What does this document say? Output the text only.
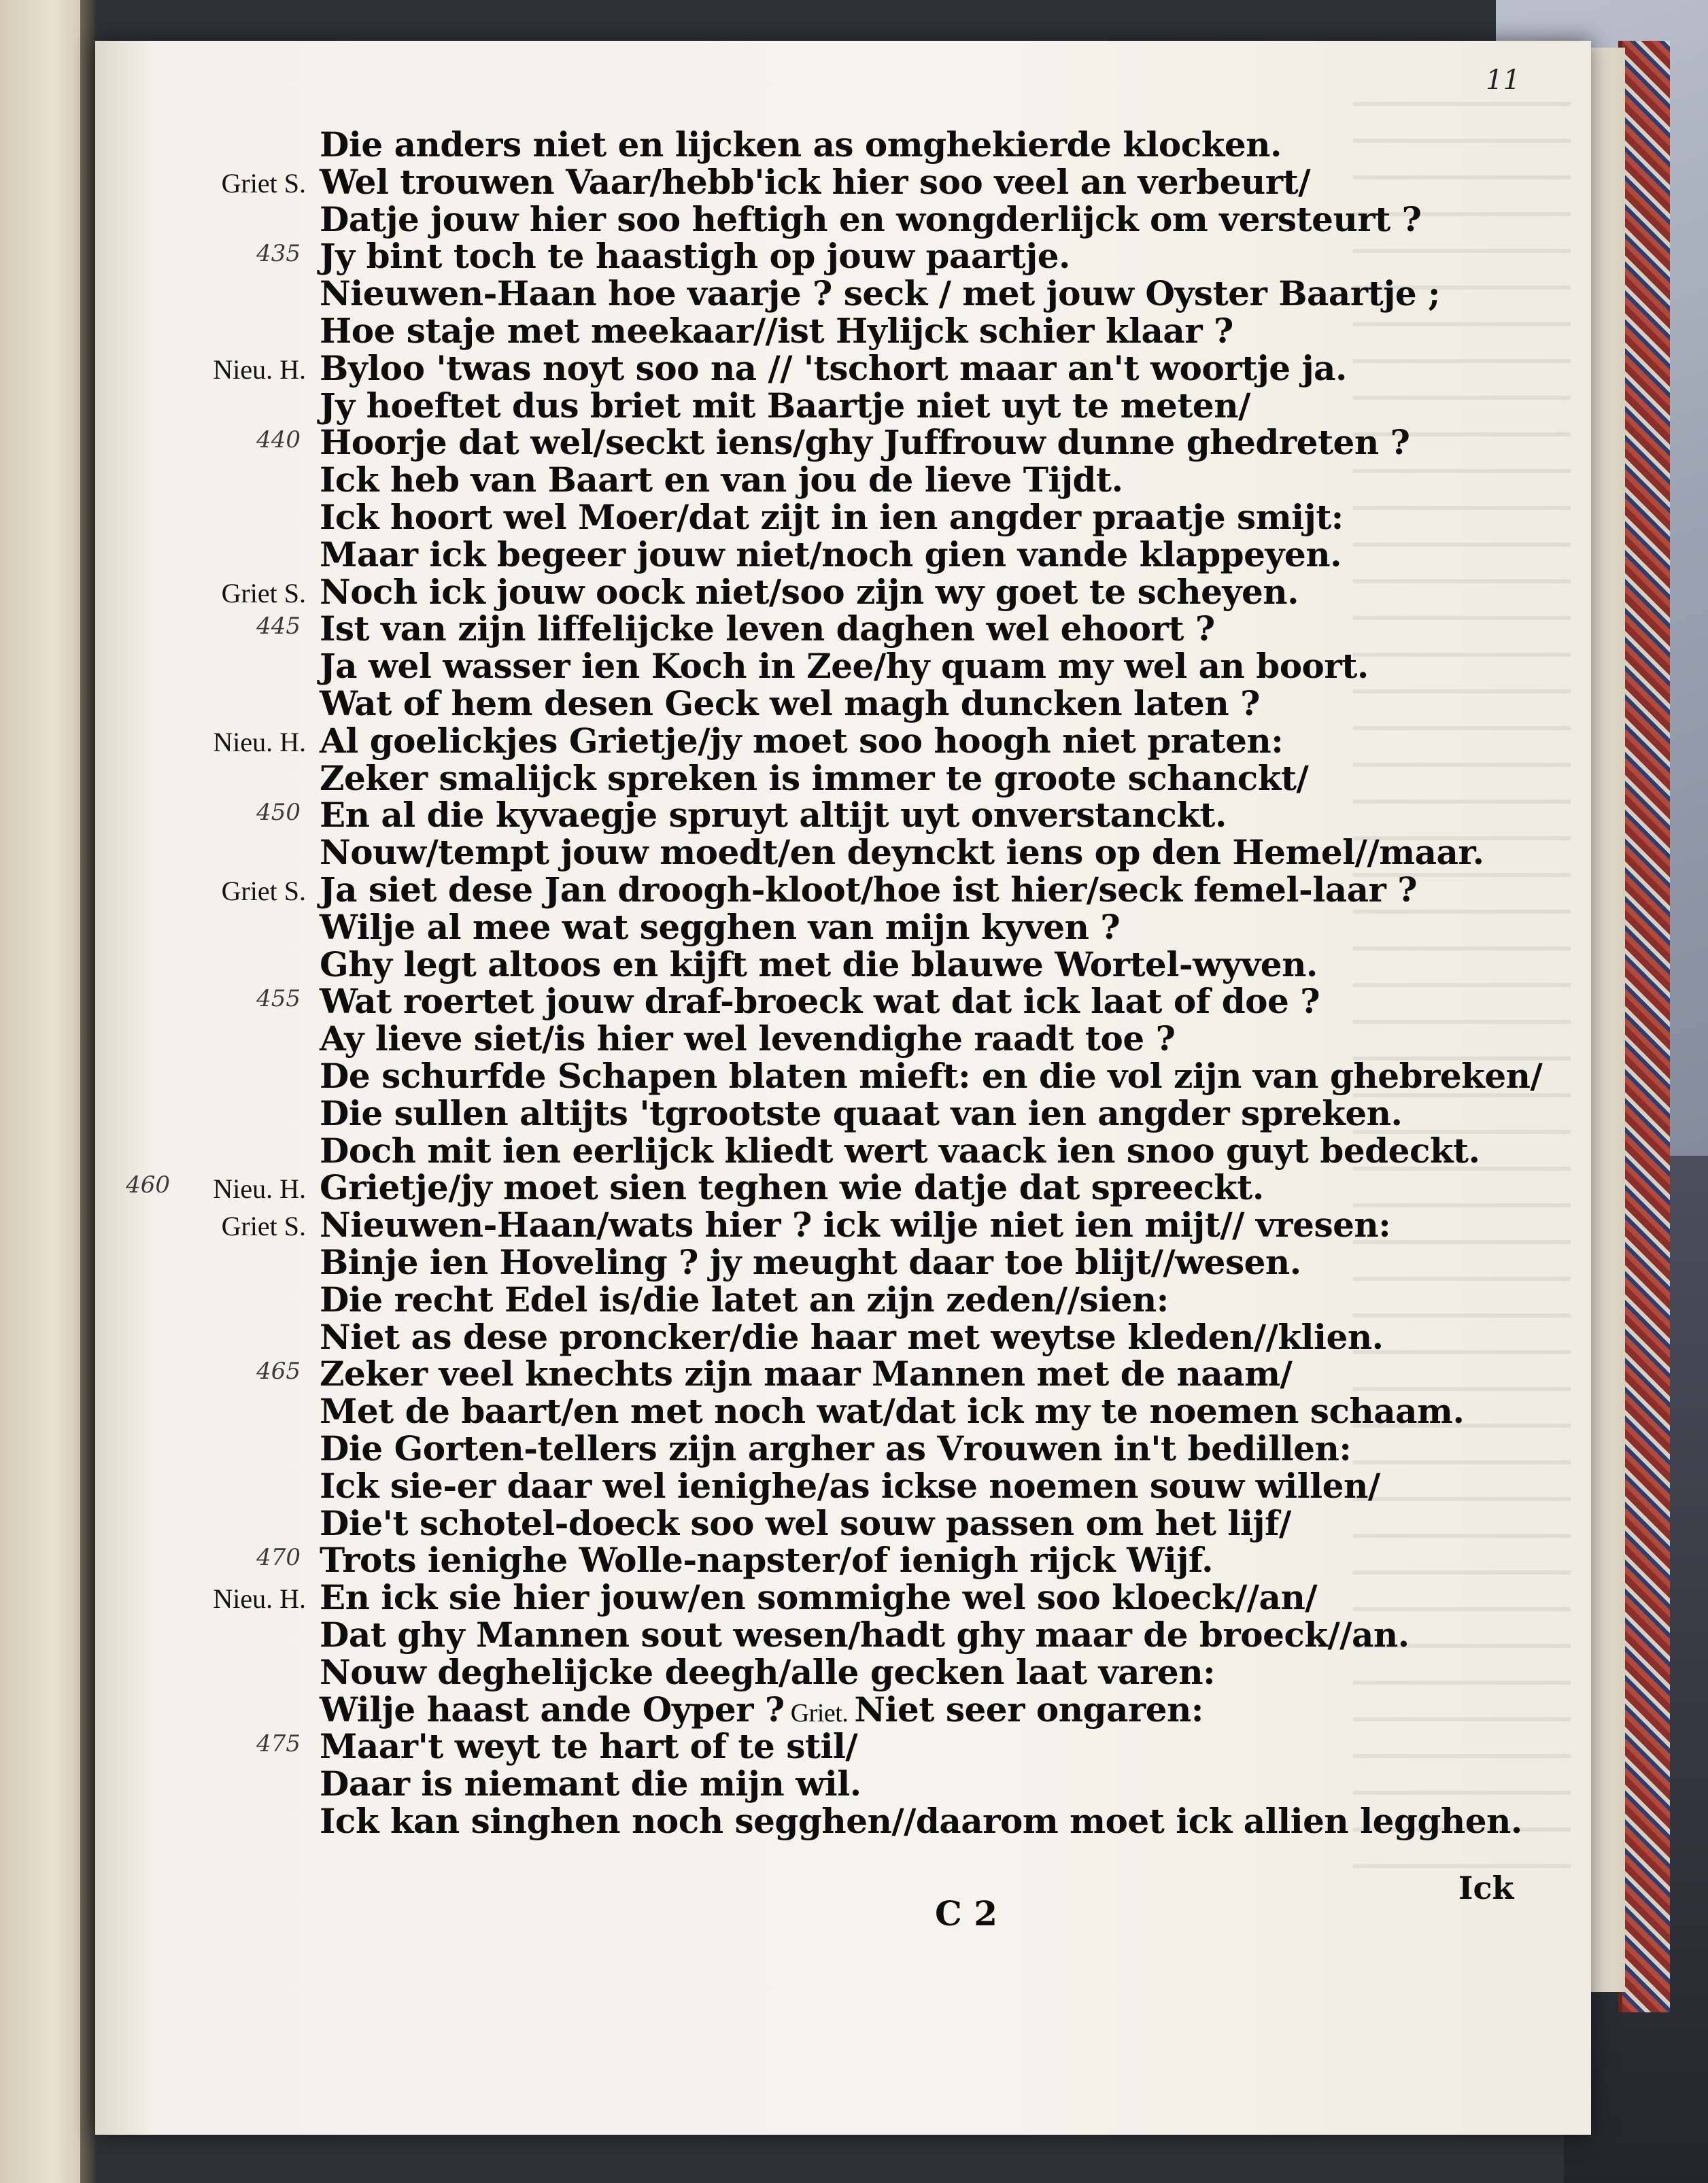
11
Die anders niet en lijcken as omghekierde klocken.
Wel trouwen Vaar/hebb'ick hier soo veel an verbeurt/
Griet S.
Datje jouw hier soo heftigh en wongderlijck om versteurt ?
Jy bint toch te haastigh op jouw paartje.
435
Nieuwen-Haan hoe vaarje ? seck / met jouw Oyster Baartje ;
Hoe staje met meekaar//ist Hylijck schier klaar ?
Byloo 'twas noyt soo na // 'tschort maar an't woortje ja.
Nieu. H.
Jy hoeftet dus briet mit Baartje niet uyt te meten/
Hoorje dat wel/seckt iens/ghy Juffrouw dunne ghedreten ?
440
Ick heb van Baart en van jou de lieve Tijdt.
Ick hoort wel Moer/dat zijt in ien angder praatje smijt:
Maar ick begeer jouw niet/noch gien vande klappeyen.
Noch ick jouw oock niet/soo zijn wy goet te scheyen.
Griet S.
Ist van zijn liffelijcke leven daghen wel ehoort ?
445
Ja wel wasser ien Koch in Zee/hy quam my wel an boort.
Wat of hem desen Geck wel magh duncken laten ?
Al goelickjes Grietje/jy moet soo hoogh niet praten:
Nieu. H.
Zeker smalijck spreken is immer te groote schanckt/
En al die kyvaegje spruyt altijt uyt onverstanckt.
450
Nouw/tempt jouw moedt/en deynckt iens op den Hemel//maar.
Ja siet dese Jan droogh-kloot/hoe ist hier/seck femel-laar ?
Griet S.
Wilje al mee wat segghen van mijn kyven ?
Ghy legt altoos en kijft met die blauwe Wortel-wyven.
Wat roertet jouw draf-broeck wat dat ick laat of doe ?
455
Ay lieve siet/is hier wel levendighe raadt toe ?
De schurfde Schapen blaten mieft: en die vol zijn van ghebreken/
Die sullen altijts 'tgrootste quaat van ien angder spreken.
Doch mit ien eerlijck kliedt wert vaack ien snoo guyt bedeckt.
Grietje/jy moet sien teghen wie datje dat spreeckt.
Nieu. H.
460
Nieuwen-Haan/wats hier ? ick wilje niet ien mijt// vresen:
Griet S.
Binje ien Hoveling ? jy meught daar toe blijt//wesen.
Die recht Edel is/die latet an zijn zeden//sien:
Niet as dese proncker/die haar met weytse kleden//klien.
Zeker veel knechts zijn maar Mannen met de naam/
465
Met de baart/en met noch wat/dat ick my te noemen schaam.
Die Gorten-tellers zijn argher as Vrouwen in't bedillen:
Ick sie-er daar wel ienighe/as ickse noemen souw willen/
Die't schotel-doeck soo wel souw passen om het lijf/
Trots ienighe Wolle-napster/of ienigh rijck Wijf.
470
En ick sie hier jouw/en sommighe wel soo kloeck//an/
Nieu. H.
Dat ghy Mannen sout wesen/hadt ghy maar de broeck//an.
Nouw deghelijcke deegh/alle gecken laat varen:
Wilje haast ande Oyper ? Griet. Niet seer ongaren:
Maar't weyt te hart of te stil/
475
Daar is niemant die mijn wil.
Ick kan singhen noch segghen//daarom moet ick allien legghen.
C 2
Ick
